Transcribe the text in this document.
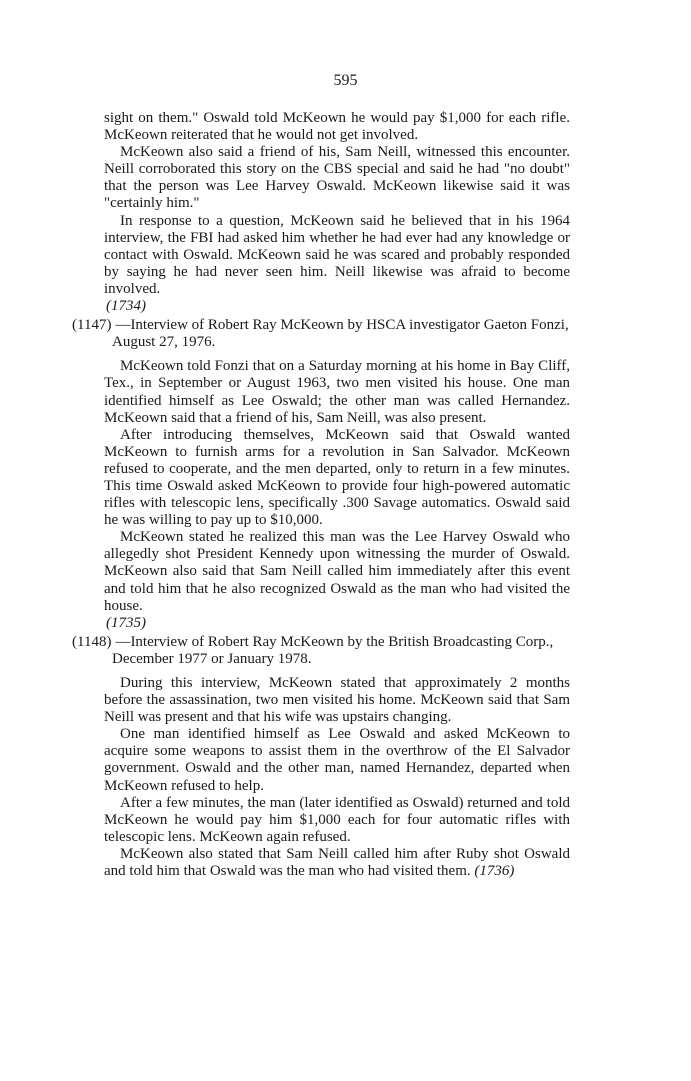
595

sight on them." Oswald told McKeown he would pay $1,000 for each rifle. McKeown reiterated that he would not get involved.

McKeown also said a friend of his, Sam Neill, witnessed this encounter. Neill corroborated this story on the CBS special and said he had "no doubt" that the person was Lee Harvey Oswald. McKeown likewise said it was "certainly him."

In response to a question, McKeown said he believed that in his 1964 interview, the FBI had asked him whether he had ever had any knowledge or contact with Oswald. McKeown said he was scared and probably responded by saying he had never seen him. Neill likewise was afraid to become involved.

(1734)

(1147) —Interview of Robert Ray McKeown by HSCA investigator Gaeton Fonzi, August 27, 1976.

McKeown told Fonzi that on a Saturday morning at his home in Bay Cliff, Tex., in September or August 1963, two men visited his house. One man identified himself as Lee Oswald; the other man was called Hernandez. McKeown said that a friend of his, Sam Neill, was also present.

After introducing themselves, McKeown said that Oswald wanted McKeown to furnish arms for a revolution in San Salvador. McKeown refused to cooperate, and the men departed, only to return in a few minutes. This time Oswald asked McKeown to provide four high-powered automatic rifles with telescopic lens, specifically .300 Savage automatics. Oswald said he was willing to pay up to $10,000.

McKeown stated he realized this man was the Lee Harvey Oswald who allegedly shot President Kennedy upon witnessing the murder of Oswald. McKeown also said that Sam Neill called him immediately after this event and told him that he also recognized Oswald as the man who had visited the house.

(1735)

(1148) —Interview of Robert Ray McKeown by the British Broadcasting Corp., December 1977 or January 1978.

During this interview, McKeown stated that approximately 2 months before the assassination, two men visited his home. McKeown said that Sam Neill was present and that his wife was upstairs changing.

One man identified himself as Lee Oswald and asked McKeown to acquire some weapons to assist them in the overthrow of the El Salvador government. Oswald and the other man, named Hernandez, departed when McKeown refused to help.

After a few minutes, the man (later identified as Oswald) returned and told McKeown he would pay him $1,000 each for four automatic rifles with telescopic lens. McKeown again refused.

McKeown also stated that Sam Neill called him after Ruby shot Oswald and told him that Oswald was the man who had visited them. (1736)
